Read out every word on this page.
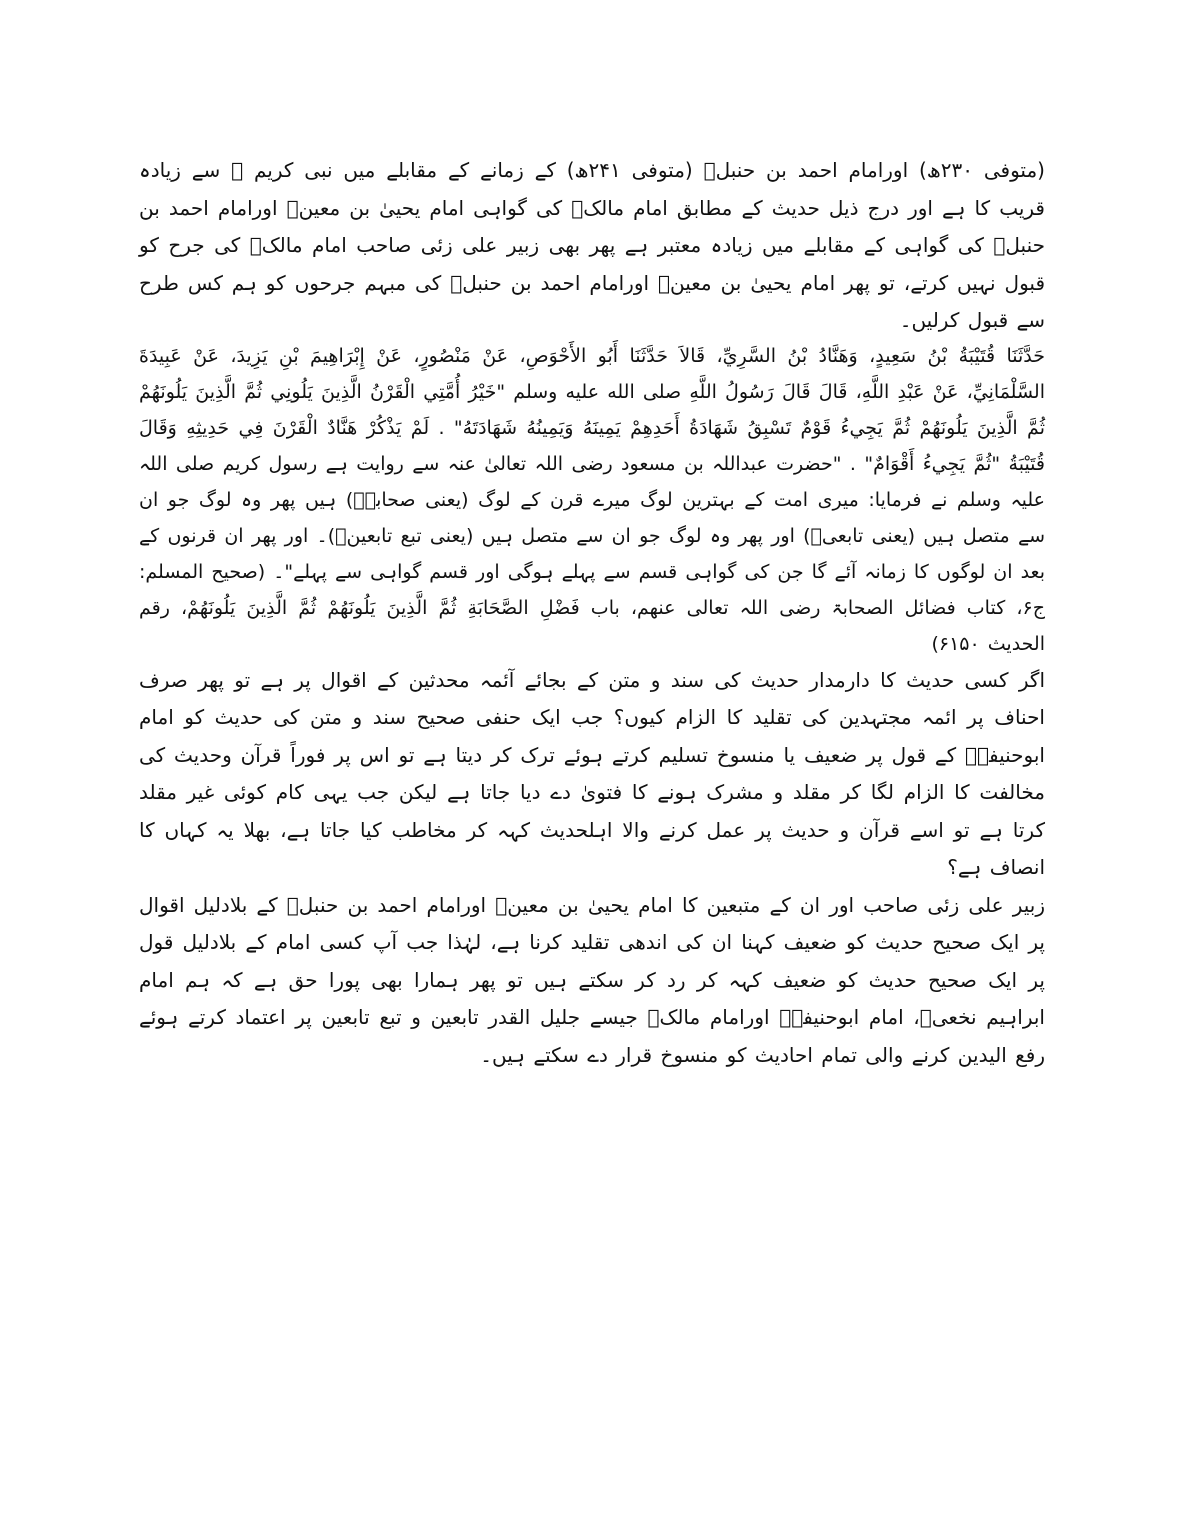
(متوفی ۲۳۰ھ) اورامام احمد بن حنبلؒ (متوفی ۲۴۱ھ) کے زمانے کے مقابلے میں نبی کریم ﷺ سے زیادہ قریب کا ہے اور درج ذیل حدیث کے مطابق امام مالکؒ کی گواہی امام یحییٰ بن معینؒ اورامام احمد بن حنبلؒ کی گواہی کے مقابلے میں زیادہ معتبر ہے پھر بھی زبیر علی زئی صاحب امام مالکؒ کی جرح کو قبول نہیں کرتے، تو پھر امام یحییٰ بن معینؒ اورامام احمد بن حنبلؒ کی مبہم جرحوں کو ہم کس طرح سے قبول کرلیں۔

حَدَّثَنَا قُتَيْبَةُ بْنُ سَعِيدٍ، وَهَنَّادُ بْنُ السَّرِيِّ، قَالاَ حَدَّثَنَا أَبُو الأَحْوَصِ، عَنْ مَنْصُورٍ، عَنْ إِبْرَاهِيمَ بْنِ يَزِيدَ، عَنْ عَبِيدَةَ السَّلْمَانِيِّ، عَنْ عَبْدِ اللَّهِ، قَالَ قَالَ رَسُولُ اللَّهِ صلى الله عليه وسلم "خَيْرُ أُمَّتِي الْقَرْنُ الَّذِينَ يَلُونِي ثُمَّ الَّذِينَ يَلُونَهُمْ ثُمَّ الَّذِينَ يَلُونَهُمْ ثُمَّ يَجِيءُ قَوْمٌ تَسْبِقُ شَهَادَةُ أَحَدِهِمْ يَمِينَهُ وَيَمِينُهُ شَهَادَتَهُ" . لَمْ يَذْكُرْ هَنَّادٌ الْقَرْنَ فِي حَدِيثِهِ وَقَالَ قُتَيْبَةُ "ثُمَّ يَجِيءُ أَقْوَامٌ" . "حضرت عبداللہ بن مسعود رضی اللہ تعالیٰ عنہ سے روایت ہے رسول کریم صلی اللہ علیہ وسلم نے فرمایا: میری امت کے بہترین لوگ میرے قرن کے لوگ (یعنی صحابہؓ) ہیں پھر وہ لوگ جو ان سے متصل ہیں (یعنی تابعیؒ) اور پھر وہ لوگ جو ان سے متصل ہیں (یعنی تبع تابعینؒ)۔ اور پھر ان قرنوں کے بعد ان لوگوں کا زمانہ آئے گا جن کی گواہی قسم سے پہلے ہوگی اور قسم گواہی سے پہلے"۔ (صحیح المسلم: ج۶، کتاب فضائل الصحابۃ رضی اللہ تعالی عنھم، باب فَضْلِ الصَّحَابَةِ ثُمَّ الَّذِينَ يَلُونَهُمْ ثُمَّ الَّذِينَ يَلُونَهُمْ، رقم الحدیث ۶۱۵۰)

اگر کسی حدیث کا دارمدار حدیث کی سند و متن کے بجائے آئمہ محدثین کے اقوال پر ہے تو پھر صرف احناف پر ائمہ مجتہدین کی تقلید کا الزام کیوں؟ جب ایک حنفی صحیح سند و متن کی حدیث کو امام ابوحنیفہؒ کے قول پر ضعیف یا منسوخ تسلیم کرتے ہوئے ترک کر دیتا ہے تو اس پر فوراً قرآن وحدیث کی مخالفت کا الزام لگا کر مقلد و مشرک ہونے کا فتویٰ دے دیا جاتا ہے لیکن جب یہی کام کوئی غیر مقلد کرتا ہے تو اسے قرآن و حدیث پر عمل کرنے والا اہلحدیث کہہ کر مخاطب کیا جاتا ہے، بھلا یہ کہاں کا انصاف ہے؟

زبیر علی زئی صاحب اور ان کے متبعین کا امام یحییٰ بن معینؒ اورامام احمد بن حنبلؒ کے بلادلیل اقوال پر ایک صحیح حدیث کو ضعیف کہنا ان کی اندھی تقلید کرنا ہے، لہٰذا جب آپ کسی امام کے بلادلیل قول پر ایک صحیح حدیث کو ضعیف کہہ کر رد کر سکتے ہیں تو پھر ہمارا بھی پورا حق ہے کہ ہم امام ابراہیم نخعیؒ، امام ابوحنیفہؒ اورامام مالکؒ جیسے جلیل القدر تابعین و تبع تابعین پر اعتماد کرتے ہوئے رفع الیدین کرنے والی تمام احادیث کو منسوخ قرار دے سکتے ہیں۔
